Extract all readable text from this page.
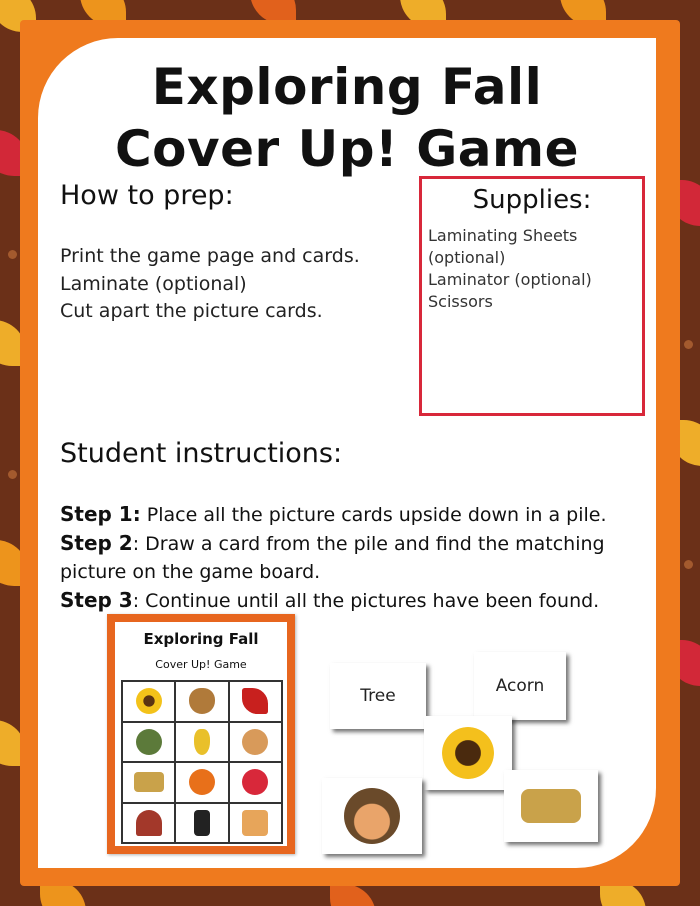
Exploring Fall
Cover Up! Game
How to prep:
Print the game page and cards.
Laminate (optional)
Cut apart the picture cards.
Supplies:
Laminating Sheets (optional)
Laminator (optional)
Scissors
Student instructions:
Step 1: Place all the picture cards upside down in a pile.
Step 2: Draw a card from the pile and find the matching picture on the game board.
Step 3: Continue until all the pictures have been found.
Exploring Fall
Cover Up! Game
Tree	Acorn
